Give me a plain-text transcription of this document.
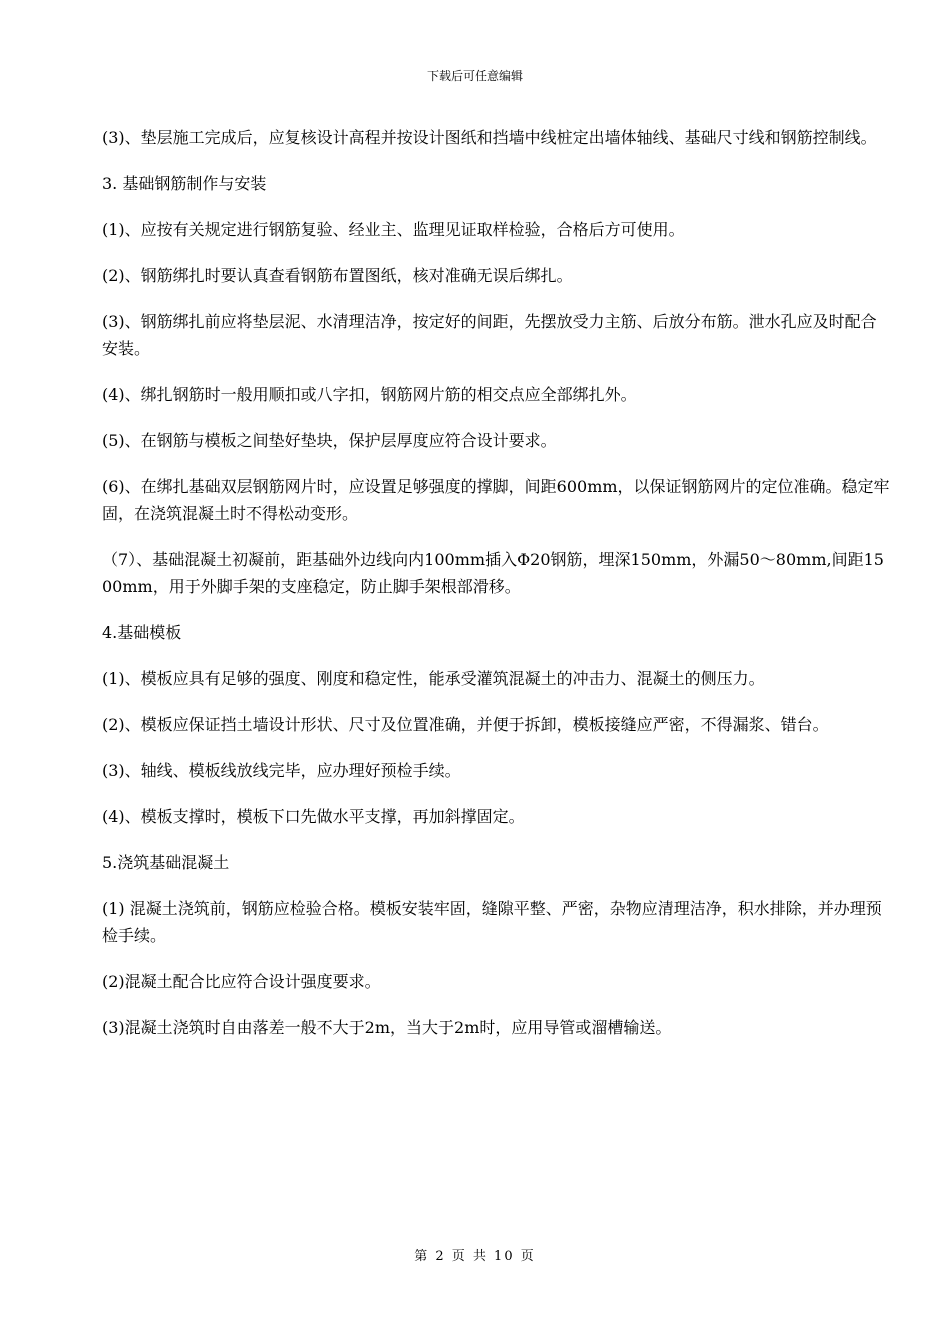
下载后可任意编辑

(3)、垫层施工完成后，应复核设计高程并按设计图纸和挡墙中线桩定出墙体轴线、基础尺寸线和钢筋控制线。

3. 基础钢筋制作与安装

(1)、应按有关规定进行钢筋复验、经业主、监理见证取样检验，合格后方可使用。

(2)、钢筋绑扎时要认真查看钢筋布置图纸，核对准确无误后绑扎。

(3)、钢筋绑扎前应将垫层泥、水清理洁净，按定好的间距，先摆放受力主筋、后放分布筋。泄水孔应及时配合安装。

(4)、绑扎钢筋时一般用顺扣或八字扣，钢筋网片筋的相交点应全部绑扎外。

(5)、在钢筋与模板之间垫好垫块，保护层厚度应符合设计要求。

(6)、在绑扎基础双层钢筋网片时，应设置足够强度的撑脚，间距600mm，以保证钢筋网片的定位准确。稳定牢固，在浇筑混凝土时不得松动变形。

（7）、基础混凝土初凝前，距基础外边线向内100mm插入Φ20钢筋，埋深150mm，外漏50～80mm,间距1500mm，用于外脚手架的支座稳定，防止脚手架根部滑移。

4.基础模板

(1)、模板应具有足够的强度、刚度和稳定性，能承受灌筑混凝土的冲击力、混凝土的侧压力。

(2)、模板应保证挡土墙设计形状、尺寸及位置准确，并便于拆卸，模板接缝应严密，不得漏浆、错台。

(3)、轴线、模板线放线完毕，应办理好预检手续。

(4)、模板支撑时，模板下口先做水平支撑，再加斜撑固定。

5.浇筑基础混凝土

(1) 混凝土浇筑前，钢筋应检验合格。模板安装牢固，缝隙平整、严密，杂物应清理洁净，积水排除，并办理预检手续。

(2)混凝土配合比应符合设计强度要求。

(3)混凝土浇筑时自由落差一般不大于2m，当大于2m时，应用导管或溜槽输送。

第 2 页 共 10 页
